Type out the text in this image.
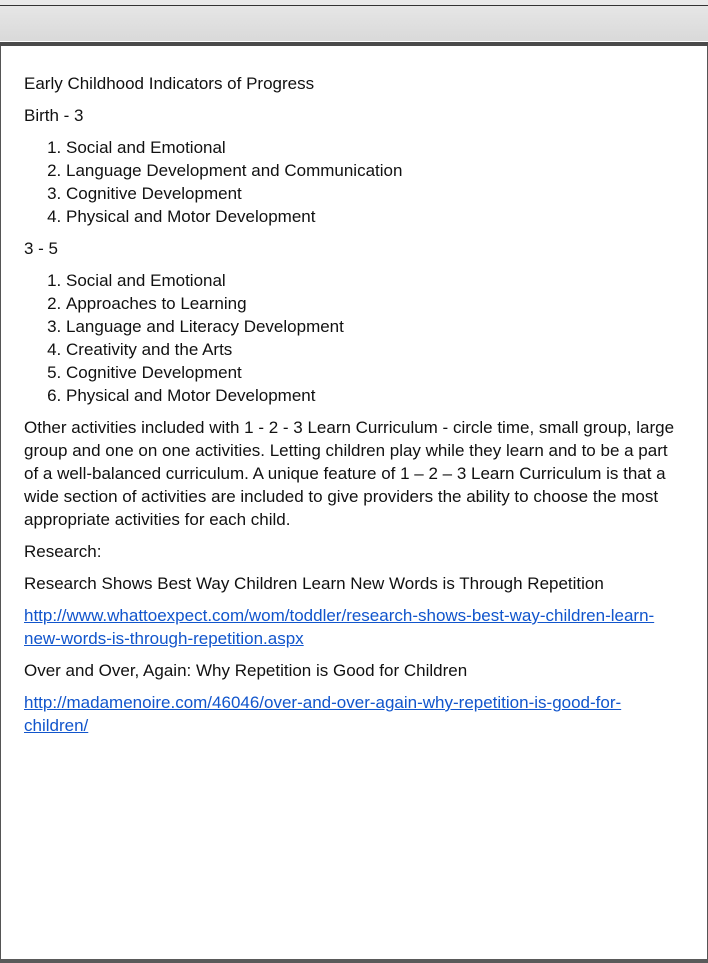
Early Childhood Indicators of Progress

Birth - 3

1. Social and Emotional
2. Language Development and Communication
3. Cognitive Development
4. Physical and Motor Development

3 - 5

1. Social and Emotional
2. Approaches to Learning
3. Language and Literacy Development
4. Creativity and the Arts
5. Cognitive Development
6. Physical and Motor Development

Other activities included with 1 - 2 - 3 Learn Curriculum - circle time, small group, large group and one on one activities. Letting children play while they learn and to be a part of a well-balanced curriculum. A unique feature of 1 – 2 – 3 Learn Curriculum is that a wide section of activities are included to give providers the ability to choose the most appropriate activities for each child.

Research:

Research Shows Best Way Children Learn New Words is Through Repetition

http://www.whattoexpect.com/wom/toddler/research-shows-best-way-children-learn-new-words-is-through-repetition.aspx

Over and Over, Again: Why Repetition is Good for Children

http://madamenoire.com/46046/over-and-over-again-why-repetition-is-good-for-children/
